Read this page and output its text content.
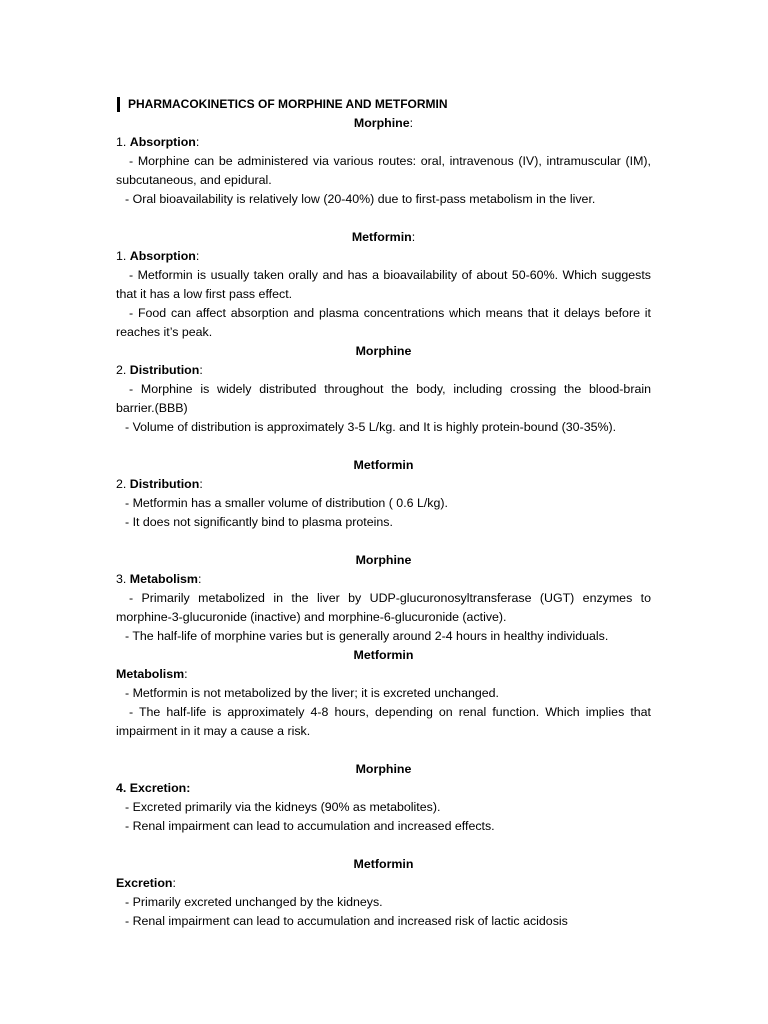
PHARMACOKINETICS OF MORPHINE AND METFORMIN
Morphine:
1. Absorption:
- Morphine can be administered via various routes: oral, intravenous (IV), intramuscular (IM),
subcutaneous, and epidural.
- Oral bioavailability is relatively low (20-40%) due to first-pass metabolism in the liver.
Metformin:
1. Absorption:
- Metformin is usually taken orally and has a bioavailability of about 50-60%. Which suggests
that it has a low first pass effect.
- Food can affect absorption and plasma concentrations which means that it delays before it
reaches it’s peak.
Morphine
2. Distribution:
- Morphine is widely distributed throughout the body, including crossing the blood-brain
barrier.(BBB)
- Volume of distribution is approximately 3-5 L/kg. and It is highly protein-bound (30-35%).
Metformin
2. Distribution:
- Metformin has a smaller volume of distribution ( 0.6 L/kg).
- It does not significantly bind to plasma proteins.
Morphine
3. Metabolism:
- Primarily metabolized in the liver by UDP-glucuronosyltransferase (UGT) enzymes to
morphine-3-glucuronide (inactive) and morphine-6-glucuronide (active).
- The half-life of morphine varies but is generally around 2-4 hours in healthy individuals.
Metformin
Metabolism:
- Metformin is not metabolized by the liver; it is excreted unchanged.
- The half-life is approximately 4-8 hours, depending on renal function. Which implies that
impairment in it may a cause a risk.
Morphine
4. Excretion:
- Excreted primarily via the kidneys (90% as metabolites).
- Renal impairment can lead to accumulation and increased effects.
Metformin
Excretion:
- Primarily excreted unchanged by the kidneys.
- Renal impairment can lead to accumulation and increased risk of lactic acidosis
